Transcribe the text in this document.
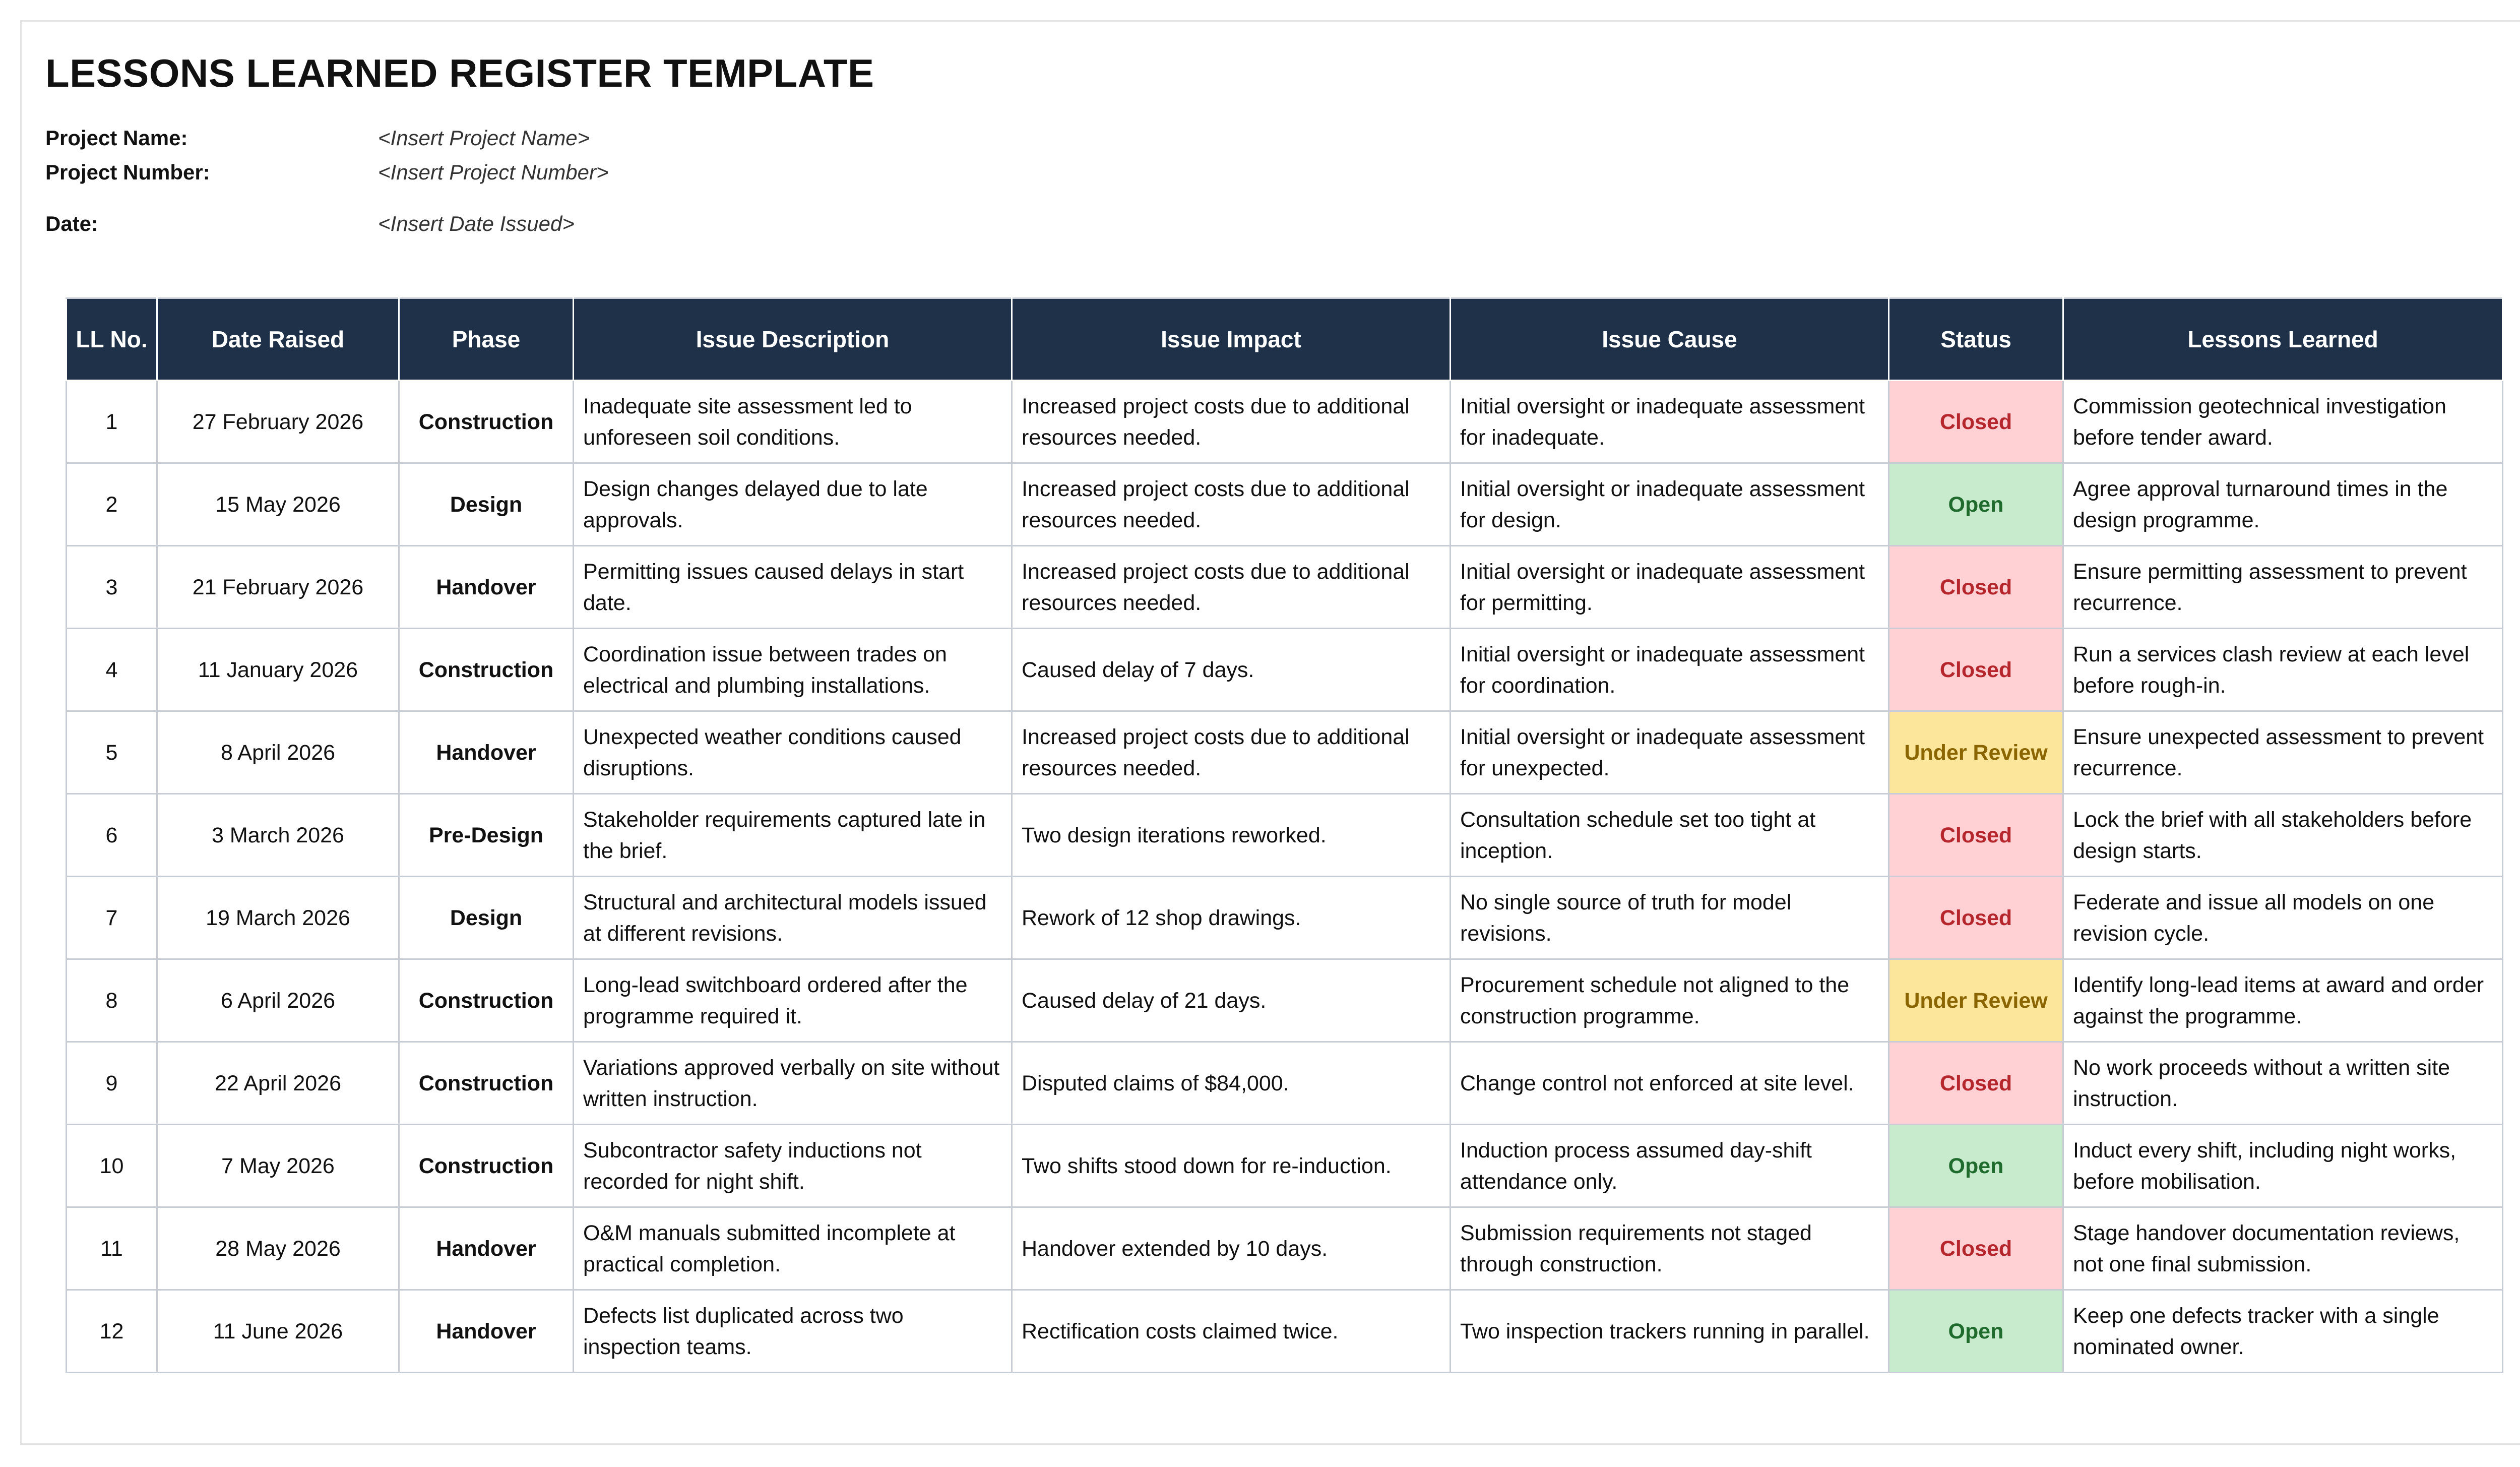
LESSONS LEARNED REGISTER TEMPLATE
Project Name:	<Insert Project Name>
Project Number:	<Insert Project Number>
Date:	<Insert Date Issued>
LL No.	Date Raised	Phase	Issue Description	Issue Impact	Issue Cause	Status	Lessons Learned
1	27 February 2026	Construction	Inadequate site assessment led to unforeseen soil conditions.	Increased project costs due to additional resources needed.	Initial oversight or inadequate assessment for inadequate.	Closed	Commission geotechnical investigation before tender award.
2	15 May 2026	Design	Design changes delayed due to late approvals.	Increased project costs due to additional resources needed.	Initial oversight or inadequate assessment for design.	Open	Agree approval turnaround times in the design programme.
3	21 February 2026	Handover	Permitting issues caused delays in start date.	Increased project costs due to additional resources needed.	Initial oversight or inadequate assessment for permitting.	Closed	Ensure permitting assessment to prevent recurrence.
4	11 January 2026	Construction	Coordination issue between trades on electrical and plumbing installations.	Caused delay of 7 days.	Initial oversight or inadequate assessment for coordination.	Closed	Run a services clash review at each level before rough-in.
5	8 April 2026	Handover	Unexpected weather conditions caused disruptions.	Increased project costs due to additional resources needed.	Initial oversight or inadequate assessment for unexpected.	Under Review	Ensure unexpected assessment to prevent recurrence.
6	3 March 2026	Pre-Design	Stakeholder requirements captured late in the brief.	Two design iterations reworked.	Consultation schedule set too tight at inception.	Closed	Lock the brief with all stakeholders before design starts.
7	19 March 2026	Design	Structural and architectural models issued at different revisions.	Rework of 12 shop drawings.	No single source of truth for model revisions.	Closed	Federate and issue all models on one revision cycle.
8	6 April 2026	Construction	Long-lead switchboard ordered after the programme required it.	Caused delay of 21 days.	Procurement schedule not aligned to the construction programme.	Under Review	Identify long-lead items at award and order against the programme.
9	22 April 2026	Construction	Variations approved verbally on site without written instruction.	Disputed claims of $84,000.	Change control not enforced at site level.	Closed	No work proceeds without a written site instruction.
10	7 May 2026	Construction	Subcontractor safety inductions not recorded for night shift.	Two shifts stood down for re-induction.	Induction process assumed day-shift attendance only.	Open	Induct every shift, including night works, before mobilisation.
11	28 May 2026	Handover	O&M manuals submitted incomplete at practical completion.	Handover extended by 10 days.	Submission requirements not staged through construction.	Closed	Stage handover documentation reviews, not one final submission.
12	11 June 2026	Handover	Defects list duplicated across two inspection teams.	Rectification costs claimed twice.	Two inspection trackers running in parallel.	Open	Keep one defects tracker with a single nominated owner.
